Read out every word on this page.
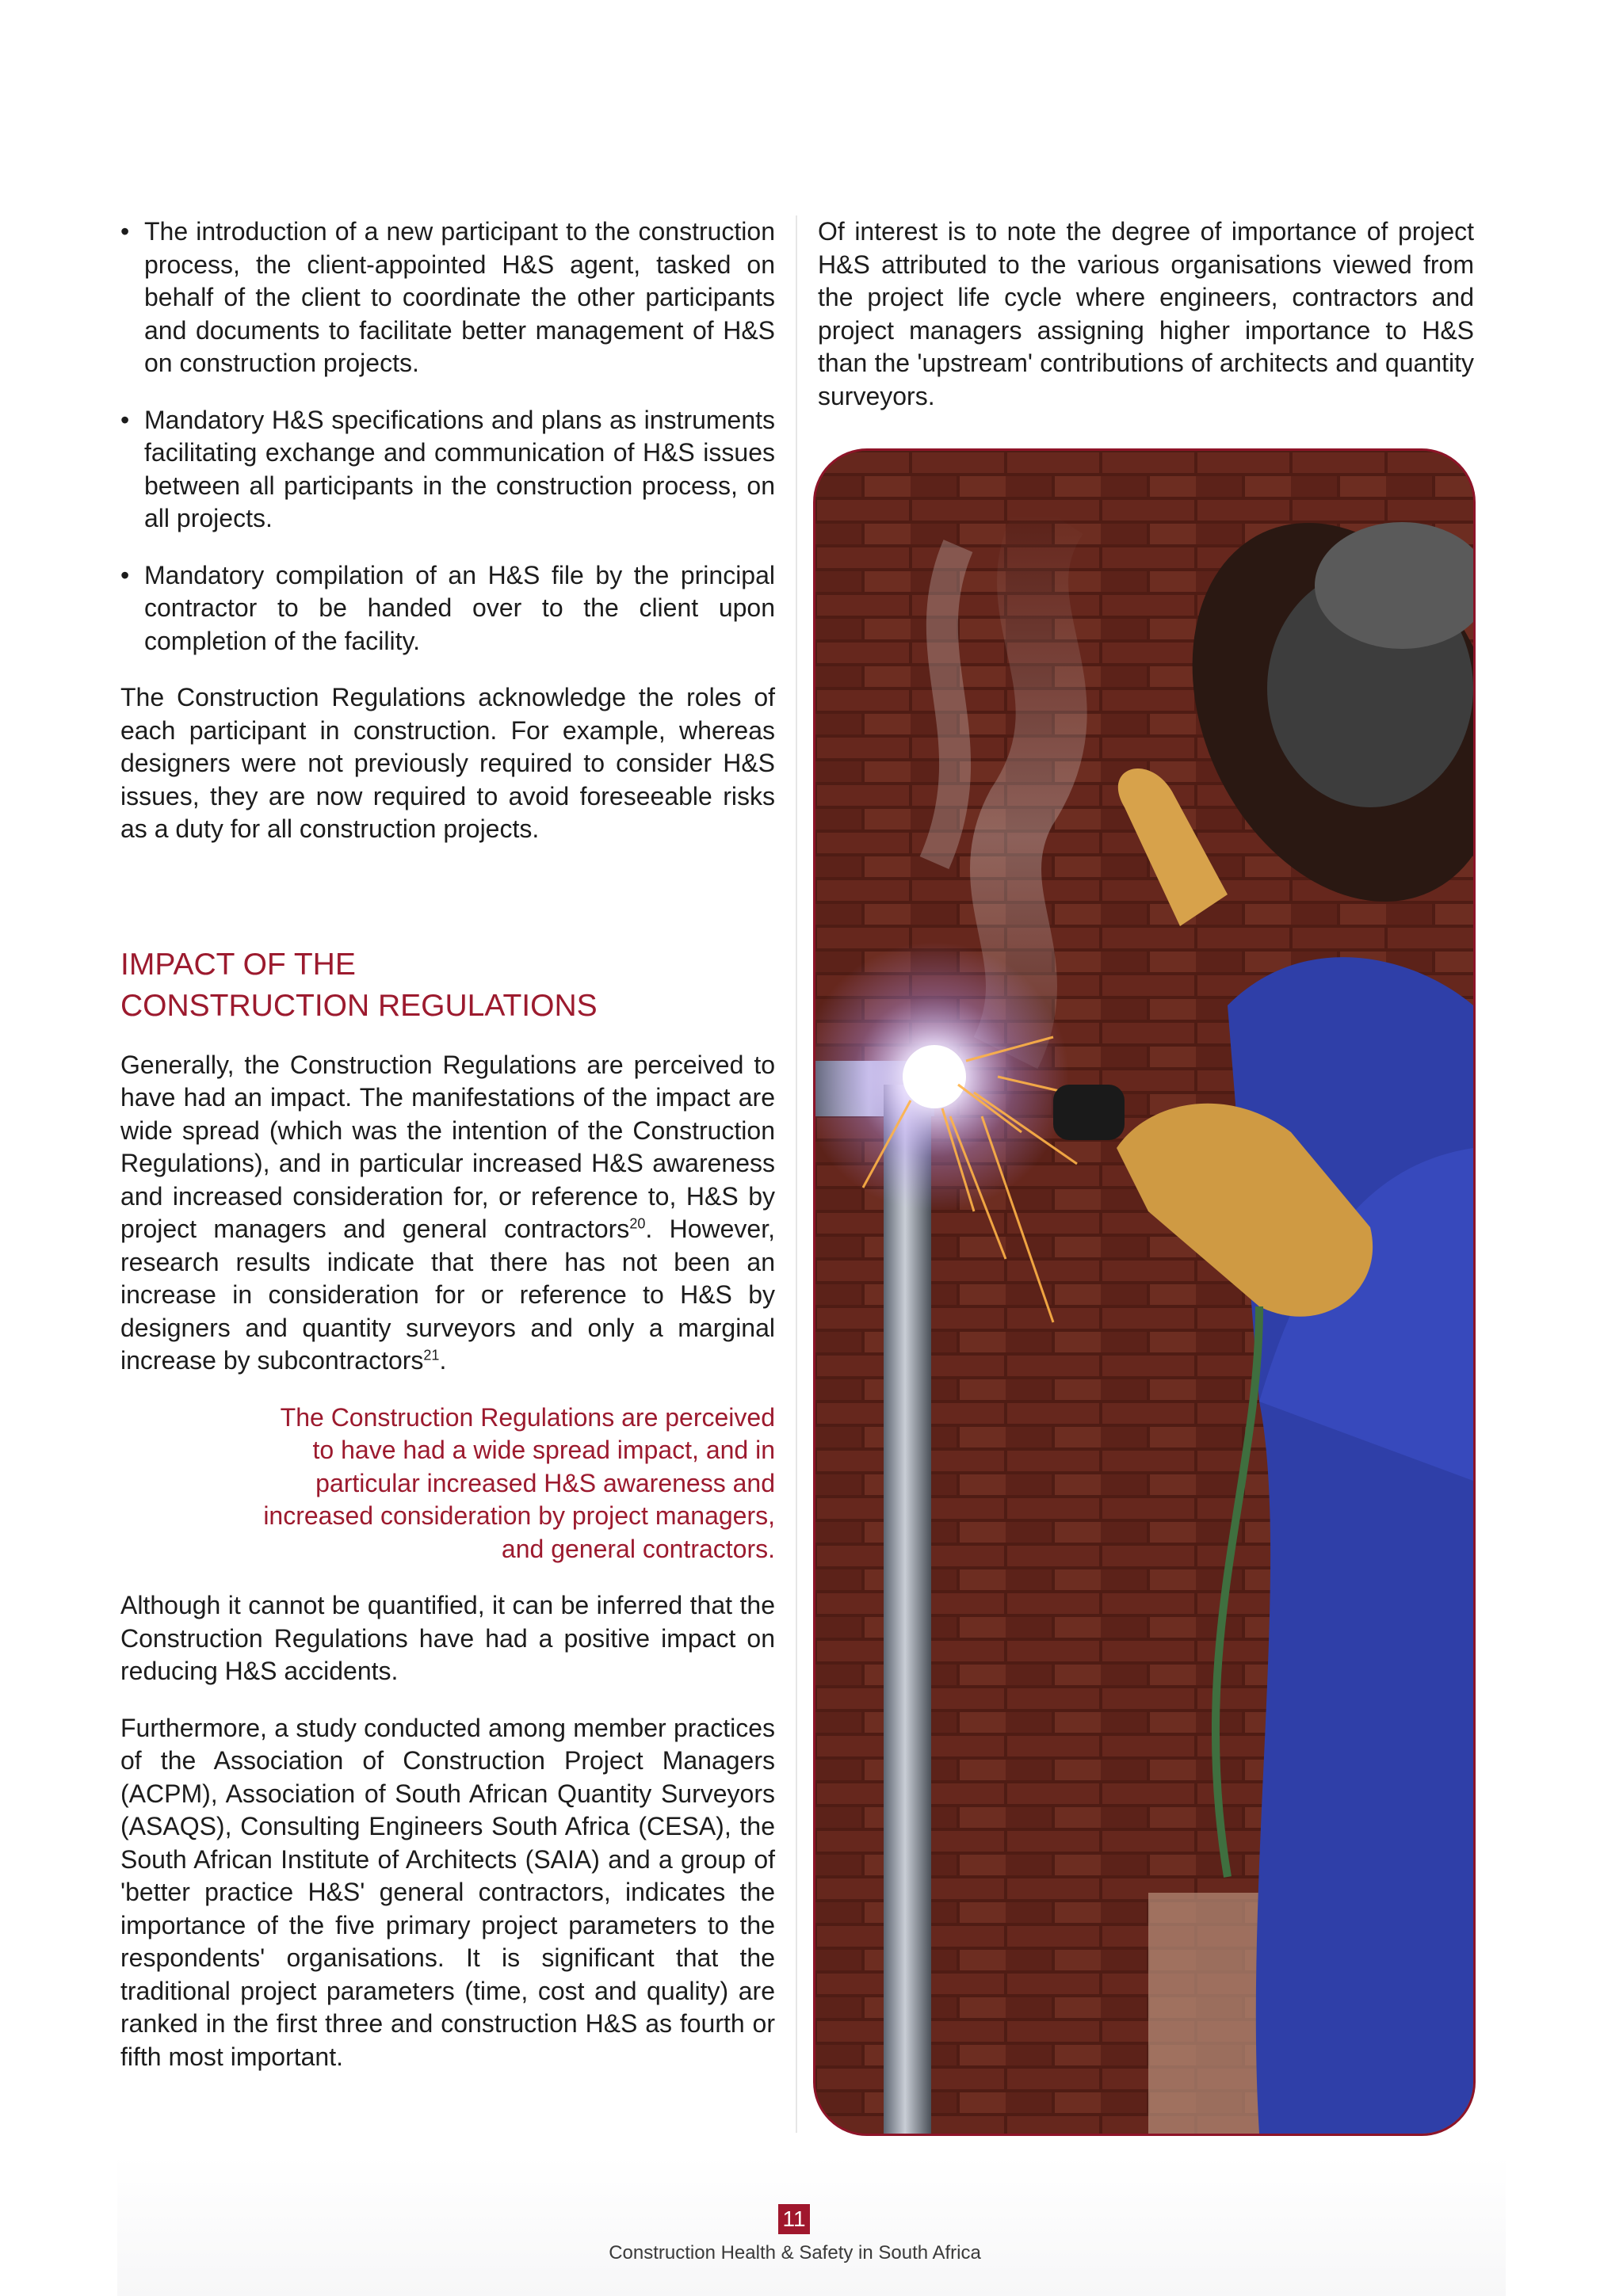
• The introduction of a new participant to the construction process, the client-appointed H&S agent, tasked on behalf of the client to coordinate the other participants and documents to facilitate better management of H&S on construction projects.
• Mandatory H&S specifications and plans as instruments facilitating exchange and communication of H&S issues between all participants in the construction process, on all projects.
• Mandatory compilation of an H&S file by the principal contractor to be handed over to the client upon completion of the facility.

The Construction Regulations acknowledge the roles of each participant in construction. For example, whereas designers were not previously required to consider H&S issues, they are now required to avoid foreseeable risks as a duty for all construction projects.

IMPACT OF THE
CONSTRUCTION REGULATIONS

Generally, the Construction Regulations are perceived to have had an impact. The manifestations of the impact are wide spread (which was the intention of the Construction Regulations), and in particular increased H&S awareness and increased consideration for, or reference to, H&S by project managers and general contractors$^{20}$. However, research results indicate that there has not been an increase in consideration for or reference to H&S by designers and quantity surveyors and only a marginal increase by subcontractors$^{21}$.

The Construction Regulations are perceived to have had a wide spread impact, and in particular increased H&S awareness and increased consideration by project managers, and general contractors.

Although it cannot be quantified, it can be inferred that the Construction Regulations have had a positive impact on reducing H&S accidents.

Furthermore, a study conducted among member practices of the Association of Construction Project Managers (ACPM), Association of South African Quantity Surveyors (ASAQS), Consulting Engineers South Africa (CESA), the South African Institute of Architects (SAIA) and a group of 'better practice H&S' general contractors, indicates the importance of the five primary project parameters to the respondents' organisations. It is significant that the traditional project parameters (time, cost and quality) are ranked in the first three and construction H&S as fourth or fifth most important.

Of interest is to note the degree of importance of project H&S attributed to the various organisations viewed from the project life cycle where engineers, contractors and project managers assigning higher importance to H&S than the 'upstream' contributions of architects and quantity surveyors.

11
Construction Health & Safety in South Africa
